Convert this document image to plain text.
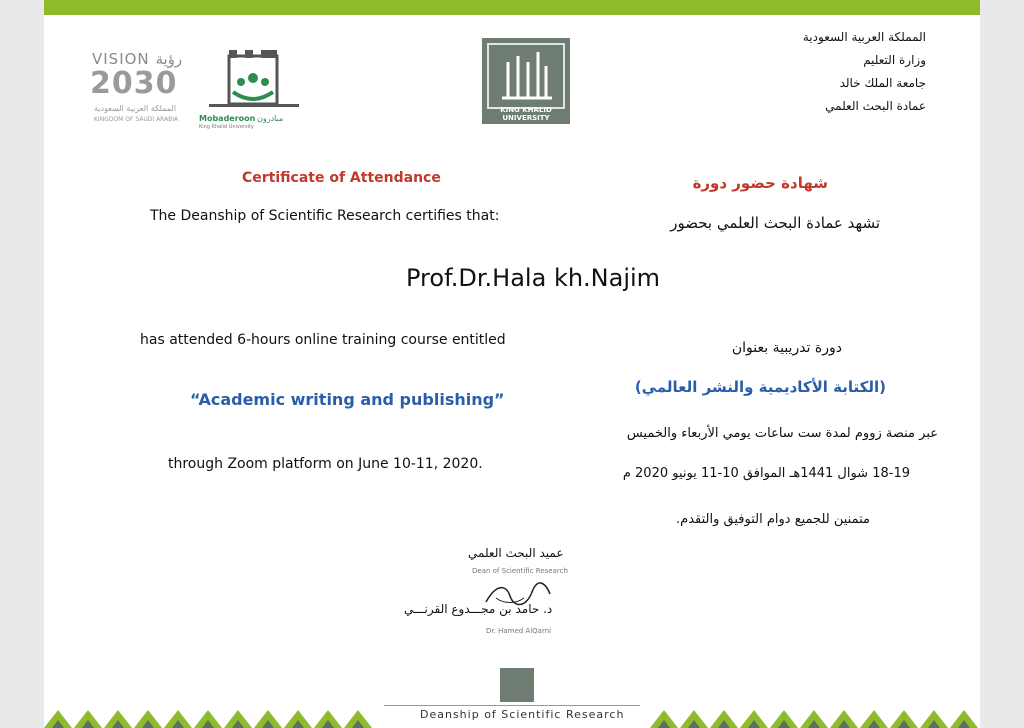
VISION رؤية
2030
المملكة العربية السعودية
KINGDOM OF SAUDI ARABIA	Mobaderoon مبادرون
King Khalid University
KING KHALID UNIVERSITY
المملكة العربية السعودية
وزارة التعليم
جامعة الملك خالد
عمادة البحث العلمي
Certificate of Attendance	شهادة حضور دورة
The Deanship of Scientific Research certifies that:	تشهد عمادة البحث العلمي بحضور
Prof.Dr.Hala kh.Najim
has attended 6-hours online training course entitled	دورة تدريبية بعنوان
“Academic writing and publishing”
(الكتابة الأكاديمية والنشر العالمي)
عبر منصة زووم لمدة ست ساعات يومي الأربعاء والخميس
through Zoom platform on June 10-11, 2020.
18-19 شوال 1441هـ الموافق 10-11 يونيو 2020 م
متمنين للجميع دوام التوفيق والتقدم.
عميد البحث العلمي
Dean of Scientific Research
د. حامد بن مجـــدوع القرنـــي
Dr. Hamed AlQarni
Deanship of Scientific Research
